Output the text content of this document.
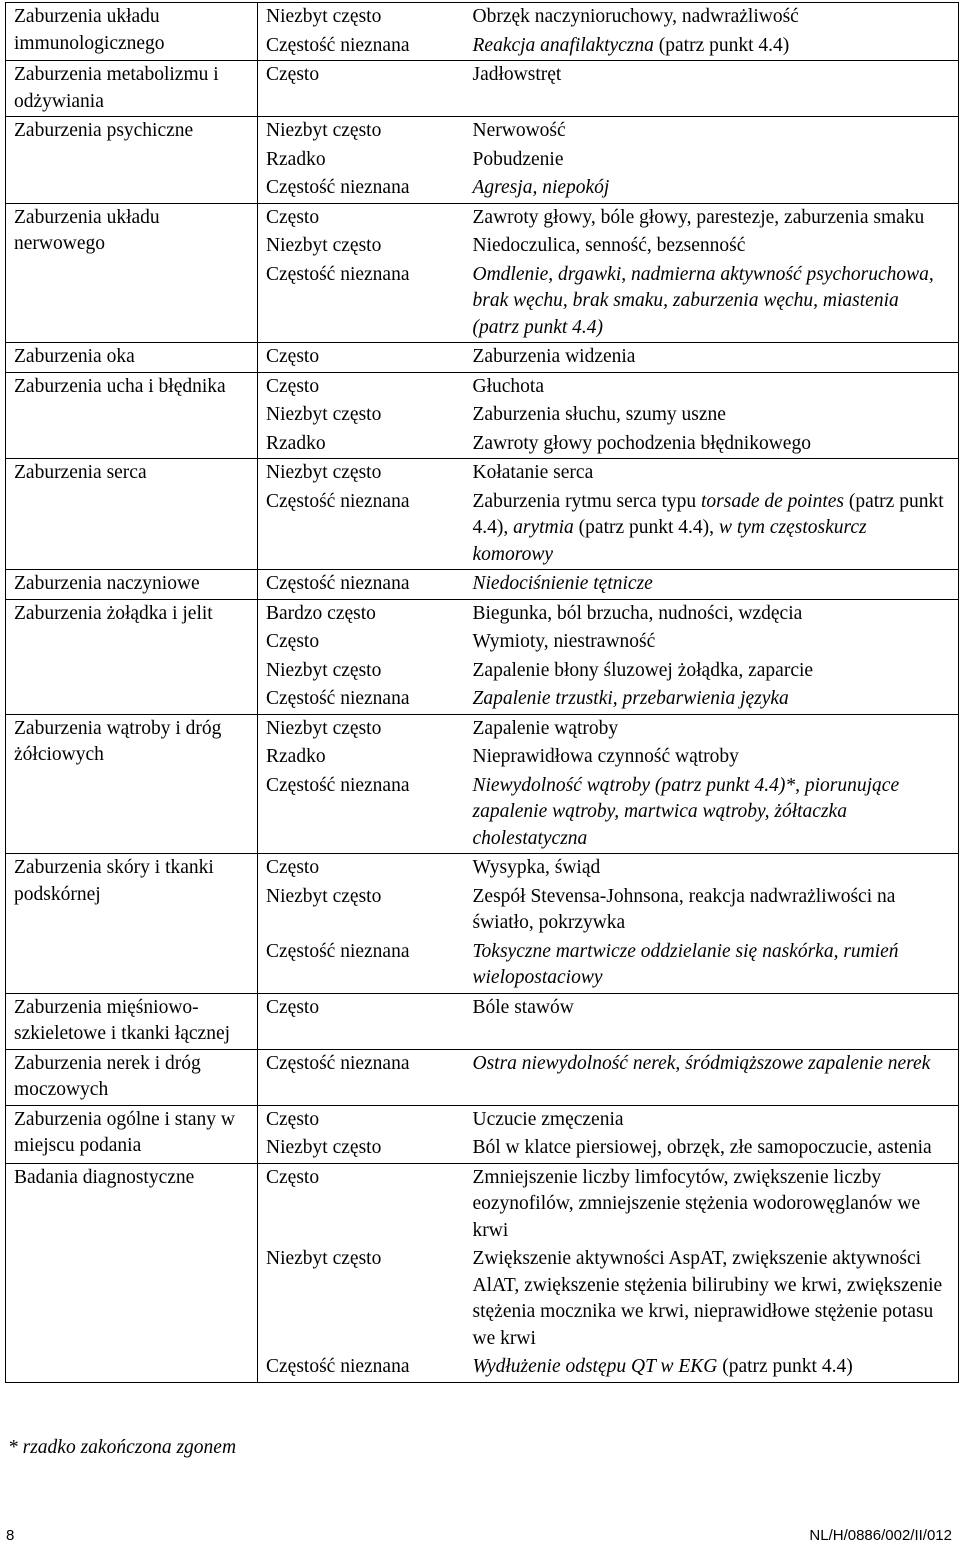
Zaburzenia układu immunologicznego	Niezbyt często	Obrzęk naczynioruchowy, nadwrażliwość
	Częstość nieznana	Reakcja anafilaktyczna (patrz punkt 4.4)
Zaburzenia metabolizmu i odżywiania	Często	Jadłowstręt
Zaburzenia psychiczne	Niezbyt często	Nerwowość
	Rzadko	Pobudzenie
	Częstość nieznana	Agresja, niepokój
Zaburzenia układu nerwowego	Często	Zawroty głowy, bóle głowy, parestezje, zaburzenia smaku
	Niezbyt często	Niedoczulica, senność, bezsenność
	Częstość nieznana	Omdlenie, drgawki, nadmierna aktywność psychoruchowa, brak węchu, brak smaku, zaburzenia węchu, miastenia (patrz punkt 4.4)
Zaburzenia oka	Często	Zaburzenia widzenia
Zaburzenia ucha i błędnika	Często	Głuchota
	Niezbyt często	Zaburzenia słuchu, szumy uszne
	Rzadko	Zawroty głowy pochodzenia błędnikowego
Zaburzenia serca	Niezbyt często	Kołatanie serca
	Częstość nieznana	Zaburzenia rytmu serca typu torsade de pointes (patrz punkt 4.4), arytmia (patrz punkt 4.4), w tym częstoskurcz komorowy
Zaburzenia naczyniowe	Częstość nieznana	Niedociśnienie tętnicze
Zaburzenia żołądka i jelit	Bardzo często	Biegunka, ból brzucha, nudności, wzdęcia
	Często	Wymioty, niestrawność
	Niezbyt często	Zapalenie błony śluzowej żołądka, zaparcie
	Częstość nieznana	Zapalenie trzustki, przebarwienia języka
Zaburzenia wątroby i dróg żółciowych	Niezbyt często	Zapalenie wątroby
	Rzadko	Nieprawidłowa czynność wątroby
	Częstość nieznana	Niewydolność wątroby (patrz punkt 4.4)*, piorunujące zapalenie wątroby, martwica wątroby, żółtaczka cholestatyczna
Zaburzenia skóry i tkanki podskórnej	Często	Wysypka, świąd
	Niezbyt często	Zespół Stevensa-Johnsona, reakcja nadwrażliwości na światło, pokrzywka
	Częstość nieznana	Toksyczne martwicze oddzielanie się naskórka, rumień wielopostaciowy
Zaburzenia mięśniowo-szkieletowe i tkanki łącznej	Często	Bóle stawów
Zaburzenia nerek i dróg moczowych	Częstość nieznana	Ostra niewydolność nerek, śródmiąższowe zapalenie nerek
Zaburzenia ogólne i stany w miejscu podania	Często	Uczucie zmęczenia
	Niezbyt często	Ból w klatce piersiowej, obrzęk, złe samopoczucie, astenia
Badania diagnostyczne	Często	Zmniejszenie liczby limfocytów, zwiększenie liczby eozynofilów, zmniejszenie stężenia wodorowęglanów we krwi
	Niezbyt często	Zwiększenie aktywności AspAT, zwiększenie aktywności AlAT, zwiększenie stężenia bilirubiny we krwi, zwiększenie stężenia mocznika we krwi, nieprawidłowe stężenie potasu we krwi
	Częstość nieznana	Wydłużenie odstępu QT w EKG (patrz punkt 4.4)
* rzadko zakończona zgonem
8	NL/H/0886/002/II/012
